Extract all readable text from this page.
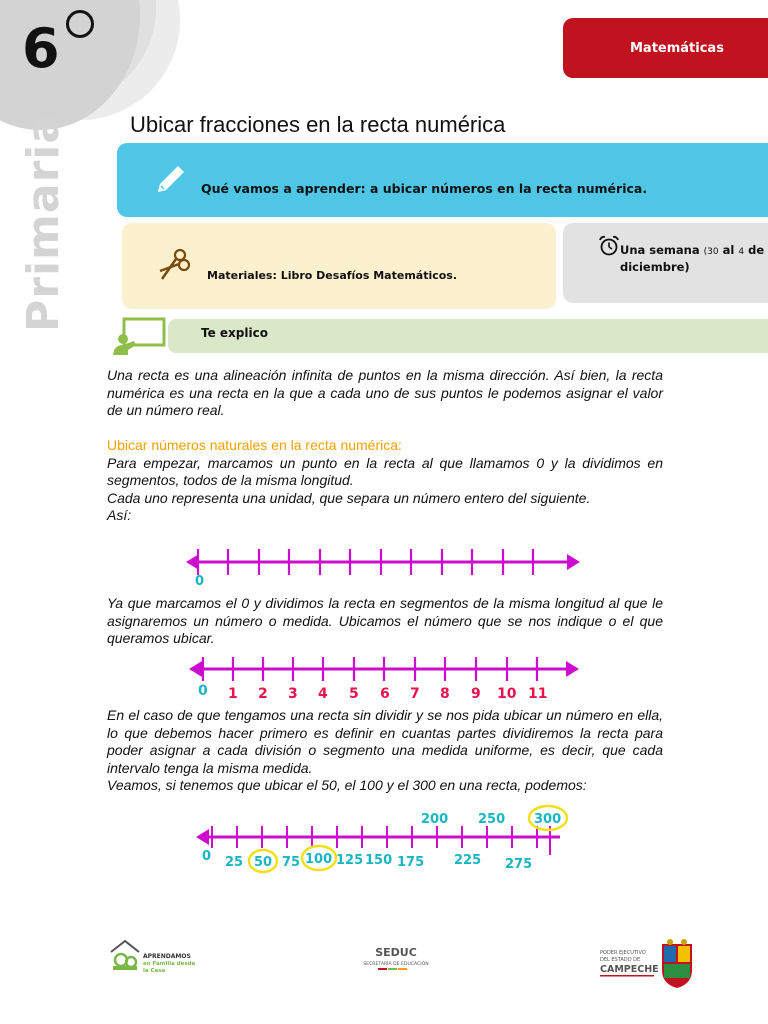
6
Primaria
Matemáticas
Ubicar fracciones en la recta numérica
Qué vamos a aprender: a ubicar números en la recta numérica.
Materiales: Libro Desafíos Matemáticos.
Una semana (30 al 4 de
diciembre)
Te explico

Una recta es una alineación infinita de puntos en la misma dirección. Así bien, la recta numérica es una recta en la que a cada uno de sus puntos le podemos asignar el valor de un número real.

Ubicar números naturales en la recta numérica:

Para empezar, marcamos un punto en la recta al que llamamos 0 y la dividimos en segmentos, todos de la misma longitud.

Cada uno representa una unidad, que separa un número entero del siguiente.

Así:

0

Ya que marcamos el 0 y dividimos la recta en segmentos de la misma longitud al que le asignaremos un número o medida. Ubicamos el número que se nos indique o el que queramos ubicar.

0 1 2 3 4 5 6 7 8 9 10 11

En el caso de que tengamos una recta sin dividir y se nos pida ubicar un número en ella, lo que debemos hacer primero es definir en cuantas partes dividiremos la recta para poder asignar a cada división o segmento una medida uniforme, es decir, que cada intervalo tenga la misma medida.

Veamos, si tenemos que ubicar el 50, el 100 y el 300 en una recta, podemos:

0 25 50 75 100 125 150 175 225 275
200 250 300
APRENDAMOS
en Familia desde
la Casa
SEDUC
SECRETARÍA DE EDUCACIÓN
PODER EJECUTIVO
DEL ESTADO DE
CAMPECHE
